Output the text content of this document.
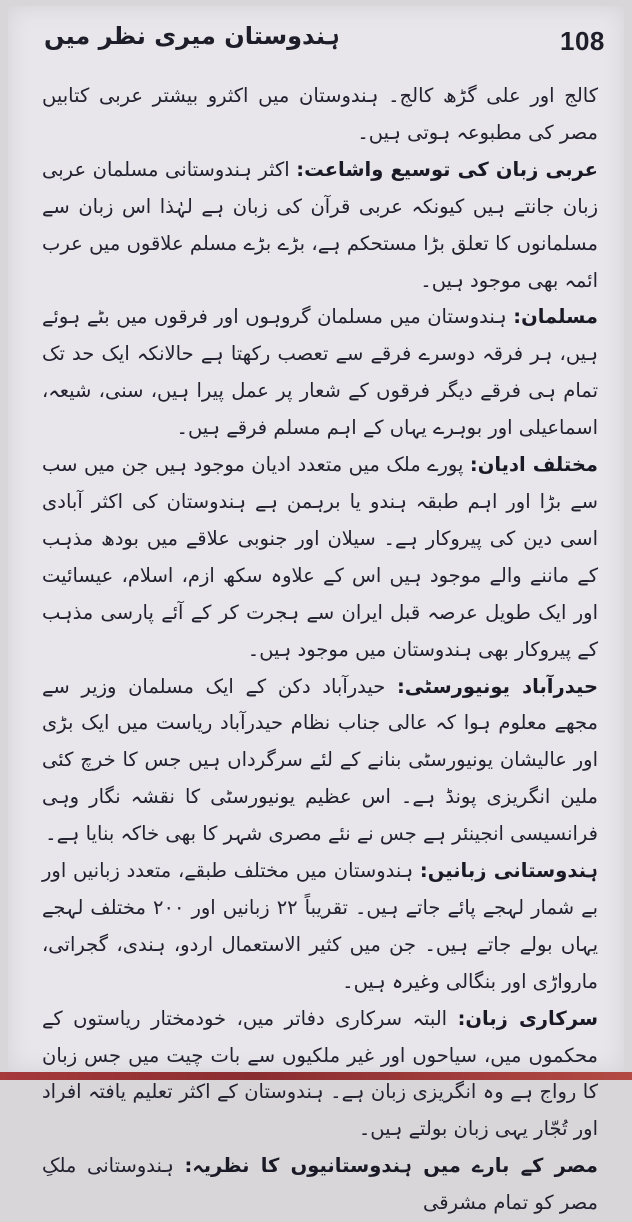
108
ہندوستان میری نظر میں

کالج اور علی گڑھ کالج۔ ہندوستان میں اکثرو بیشتر عربی کتابیں مصر کی مطبوعہ ہوتی ہیں۔

عربی زبان کی توسیع واشاعت: اکثر ہندوستانی مسلمان عربی زبان جانتے ہیں کیونکہ عربی قرآن کی زبان ہے لہٰذا اس زبان سے مسلمانوں کا تعلق بڑا مستحکم ہے، بڑے بڑے مسلم علاقوں میں عرب ائمہ بھی موجود ہیں۔

مسلمان: ہندوستان میں مسلمان گروہوں اور فرقوں میں بٹے ہوئے ہیں، ہر فرقہ دوسرے فرقے سے تعصب رکھتا ہے حالانکہ ایک حد تک تمام ہی فرقے دیگر فرقوں کے شعار پر عمل پیرا ہیں، سنی، شیعہ، اسماعیلی اور بوہرے یہاں کے اہم مسلم فرقے ہیں۔

مختلف ادیان: پورے ملک میں متعدد ادیان موجود ہیں جن میں سب سے بڑا اور اہم طبقہ ہندو یا برہمن ہے ہندوستان کی اکثر آبادی اسی دین کی پیروکار ہے۔ سیلان اور جنوبی علاقے میں بودھ مذہب کے ماننے والے موجود ہیں اس کے علاوہ سکھ ازم، اسلام، عیسائیت اور ایک طویل عرصہ قبل ایران سے ہجرت کر کے آئے پارسی مذہب کے پیروکار بھی ہندوستان میں موجود ہیں۔

حیدرآباد یونیورسٹی: حیدرآباد دکن کے ایک مسلمان وزیر سے مجھے معلوم ہوا کہ عالی جناب نظام حیدرآباد ریاست میں ایک بڑی اور عالیشان یونیورسٹی بنانے کے لئے سرگرداں ہیں جس کا خرچ کئی ملین انگریزی پونڈ ہے۔ اس عظیم یونیورسٹی کا نقشہ نگار وہی فرانسیسی انجینئر ہے جس نے نئے مصری شہر کا بھی خاکہ بنایا ہے۔

ہندوستانی زبانیں: ہندوستان میں مختلف طبقے، متعدد زبانیں اور بے شمار لہجے پائے جاتے ہیں۔ تقریباً ۲۲ زبانیں اور ۲۰۰ مختلف لہجے یہاں بولے جاتے ہیں۔ جن میں کثیر الاستعمال اردو، ہندی، گجراتی، مارواڑی اور بنگالی وغیرہ ہیں۔

سرکاری زبان: البتہ سرکاری دفاتر میں، خودمختار ریاستوں کے محکموں میں، سیاحوں اور غیر ملکیوں سے بات چیت میں جس زبان کا رواج ہے وہ انگریزی زبان ہے۔ ہندوستان کے اکثر تعلیم یافتہ افراد اور تُجّار یہی زبان بولتے ہیں۔

مصر کے بارے میں ہندوستانیوں کا نظریہ: ہندوستانی ملکِ مصر کو تمام مشرقی
